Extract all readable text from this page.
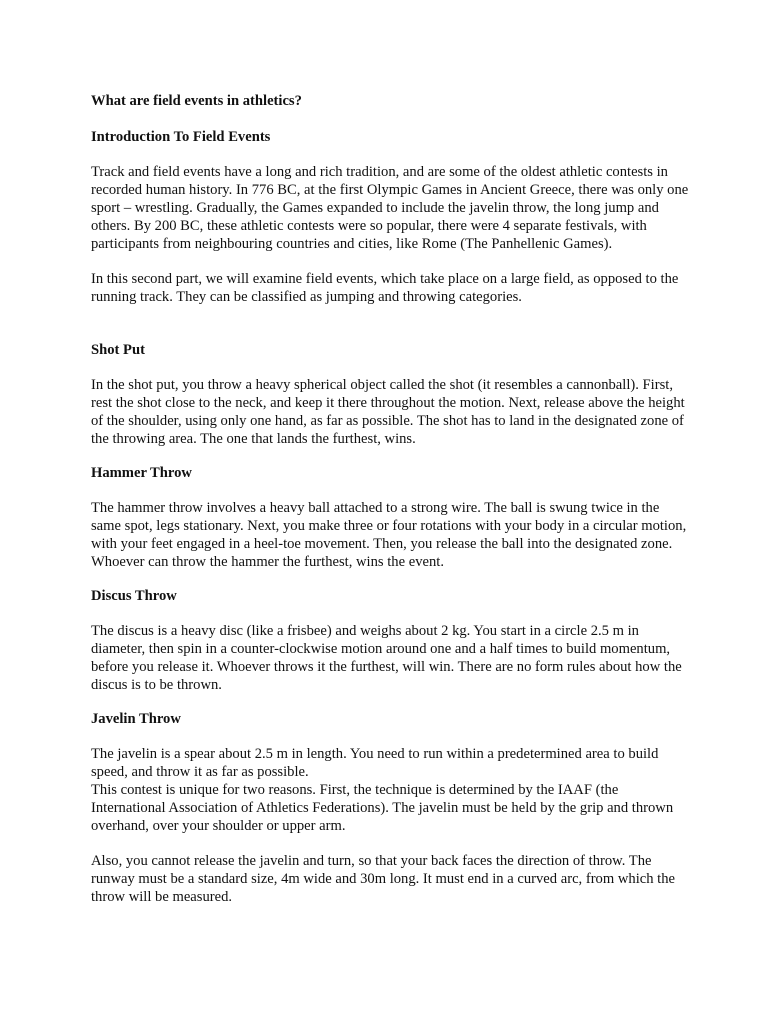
What are field events in athletics?
Introduction To Field Events

Track and field events have a long and rich tradition, and are some of the oldest athletic contests in recorded human history. In 776 BC, at the first Olympic Games in Ancient Greece, there was only one sport – wrestling. Gradually, the Games expanded to include the javelin throw, the long jump and others. By 200 BC, these athletic contests were so popular, there were 4 separate festivals, with participants from neighbouring countries and cities, like Rome (The Panhellenic Games).

In this second part, we will examine field events, which take place on a large field, as opposed to the running track. They can be classified as jumping and throwing categories.

Shot Put

In the shot put, you throw a heavy spherical object called the shot (it resembles a cannonball). First, rest the shot close to the neck, and keep it there throughout the motion. Next, release above the height of the shoulder, using only one hand, as far as possible. The shot has to land in the designated zone of the throwing area. The one that lands the furthest, wins.

Hammer Throw

The hammer throw involves a heavy ball attached to a strong wire. The ball is swung twice in the same spot, legs stationary. Next, you make three or four rotations with your body in a circular motion, with your feet engaged in a heel-toe movement. Then, you release the ball into the designated zone. Whoever can throw the hammer the furthest, wins the event.

Discus Throw

The discus is a heavy disc (like a frisbee) and weighs about 2 kg. You start in a circle 2.5 m in diameter, then spin in a counter-clockwise motion around one and a half times to build momentum, before you release it. Whoever throws it the furthest, will win. There are no form rules about how the discus is to be thrown.

Javelin Throw

The javelin is a spear about 2.5 m in length. You need to run within a predetermined area to build speed, and throw it as far as possible.

This contest is unique for two reasons. First, the technique is determined by the IAAF (the International Association of Athletics Federations). The javelin must be held by the grip and thrown overhand, over your shoulder or upper arm.

Also, you cannot release the javelin and turn, so that your back faces the direction of throw. The runway must be a standard size, 4m wide and 30m long. It must end in a curved arc, from which the throw will be measured.
